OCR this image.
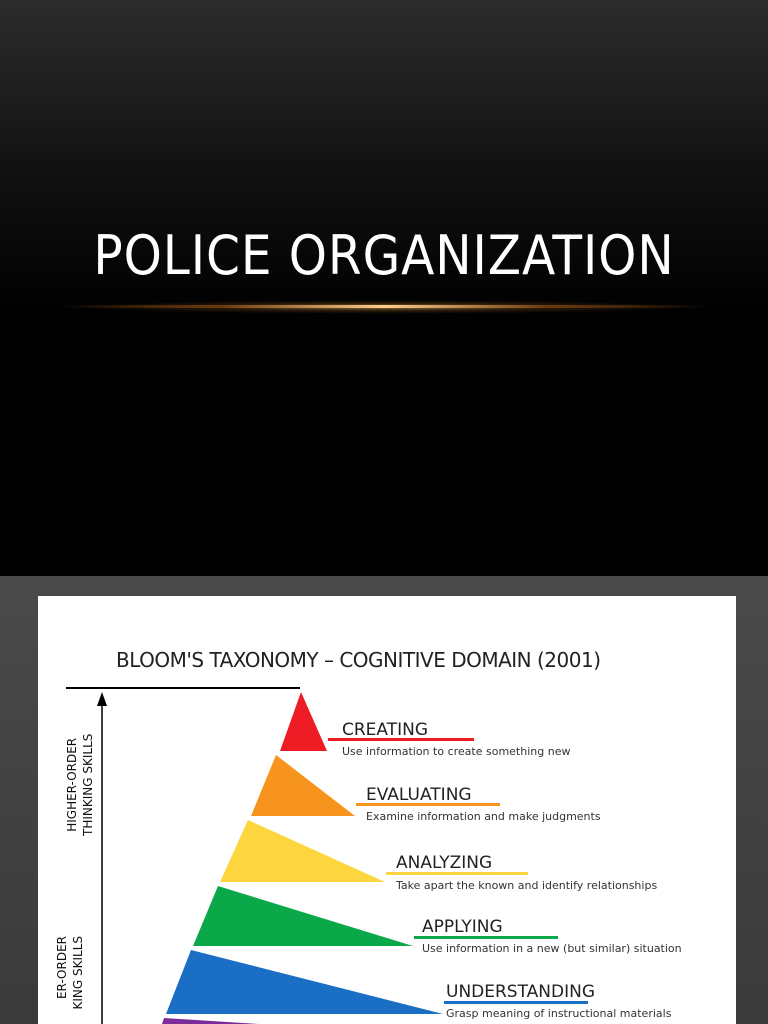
POLICE ORGANIZATION
BLOOM'S TAXONOMY – COGNITIVE DOMAIN (2001)
HIGHER-ORDER THINKING SKILLS
ER-ORDER KING SKILLS
CREATING
Use information to create something new
EVALUATING
Examine information and make judgments
ANALYZING
Take apart the known and identify relationships
APPLYING
Use information in a new (but similar) situation
UNDERSTANDING
Grasp meaning of instructional materials
